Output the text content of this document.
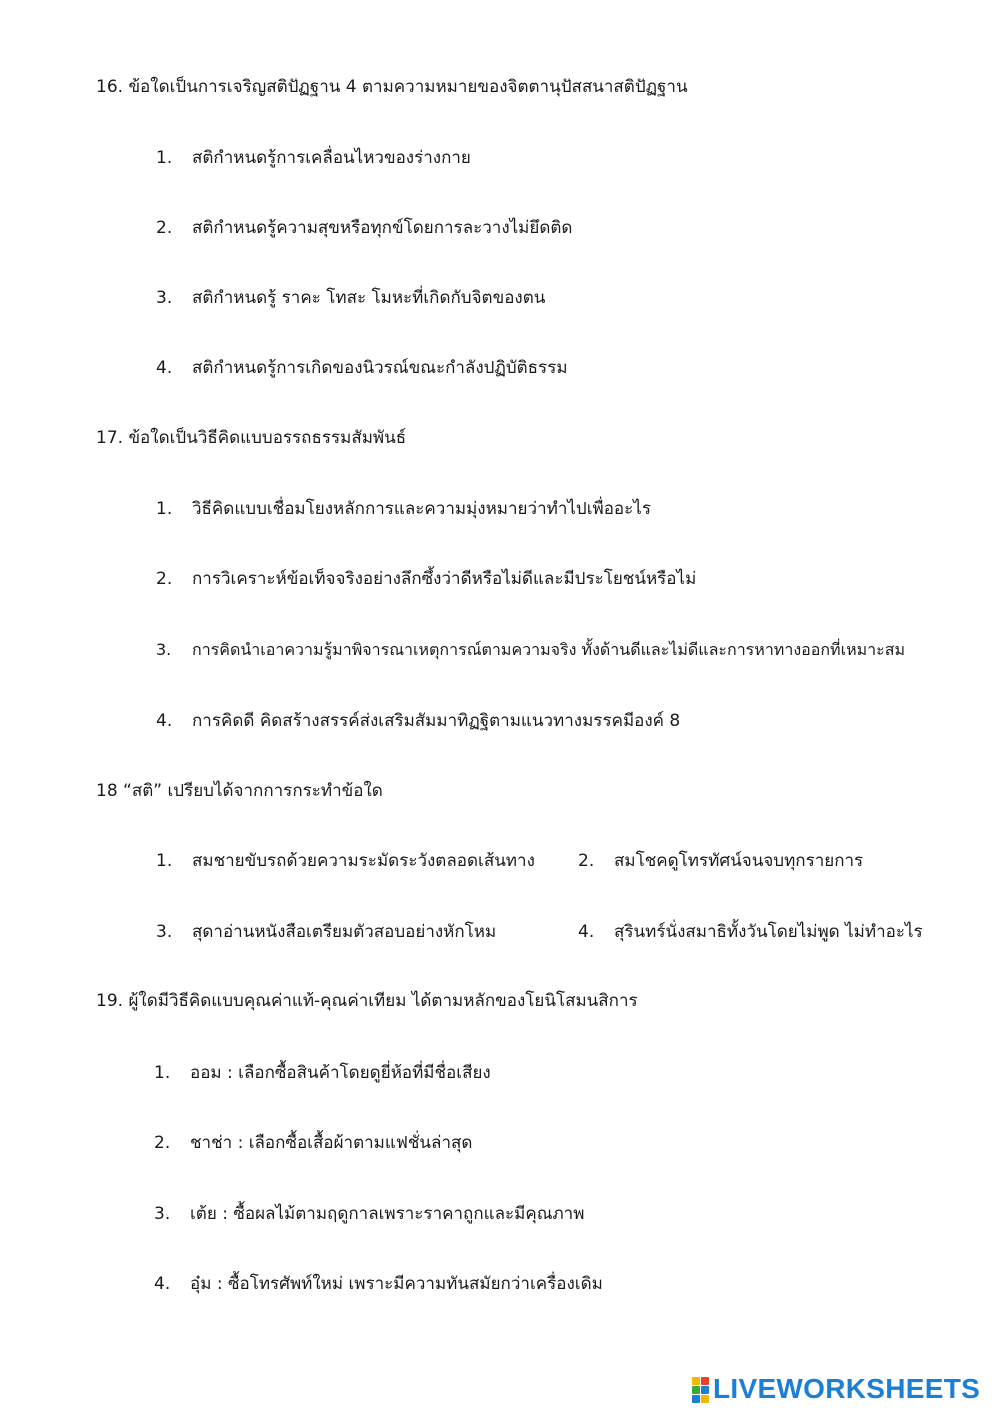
16. ข้อใดเป็นการเจริญสติปัฏฐาน 4 ตามความหมายของจิตตานุปัสสนาสติปัฏฐาน
1. สติกำหนดรู้การเคลื่อนไหวของร่างกาย
2. สติกำหนดรู้ความสุขหรือทุกข์โดยการละวางไม่ยึดติด
3. สติกำหนดรู้ ราคะ โทสะ โมหะที่เกิดกับจิตของตน
4. สติกำหนดรู้การเกิดของนิวรณ์ขณะกำลังปฏิบัติธรรม
17. ข้อใดเป็นวิธีคิดแบบอรรถธรรมสัมพันธ์
1. วิธีคิดแบบเชื่อมโยงหลักการและความมุ่งหมายว่าทำไปเพื่ออะไร
2. การวิเคราะห์ข้อเท็จจริงอย่างลึกซึ้งว่าดีหรือไม่ดีและมีประโยชน์หรือไม่
3. การคิดนำเอาความรู้มาพิจารณาเหตุการณ์ตามความจริง ทั้งด้านดีและไม่ดีและการหาทางออกที่เหมาะสม
4. การคิดดี คิดสร้างสรรค์ส่งเสริมสัมมาทิฏฐิตามแนวทางมรรคมีองค์ 8
18 “สติ” เปรียบได้จากการกระทำข้อใด
1. สมชายขับรถด้วยความระมัดระวังตลอดเส้นทาง	2. สมโชคดูโทรทัศน์จนจบทุกรายการ
3. สุดาอ่านหนังสือเตรียมตัวสอบอย่างหักโหม	4. สุรินทร์นั่งสมาธิทั้งวันโดยไม่พูด ไม่ทำอะไร
19. ผู้ใดมีวิธีคิดแบบคุณค่าแท้-คุณค่าเทียม ได้ตามหลักของโยนิโสมนสิการ
1. ออม : เลือกซื้อสินค้าโดยดูยี่ห้อที่มีชื่อเสียง
2. ชาช่า : เลือกซื้อเสื้อผ้าตามแฟชั่นล่าสุด
3. เต้ย : ซื้อผลไม้ตามฤดูกาลเพราะราคาถูกและมีคุณภาพ
4. อุ๋ม : ซื้อโทรศัพท์ใหม่ เพราะมีความทันสมัยกว่าเครื่องเดิม
LIVEWORKSHEETS
